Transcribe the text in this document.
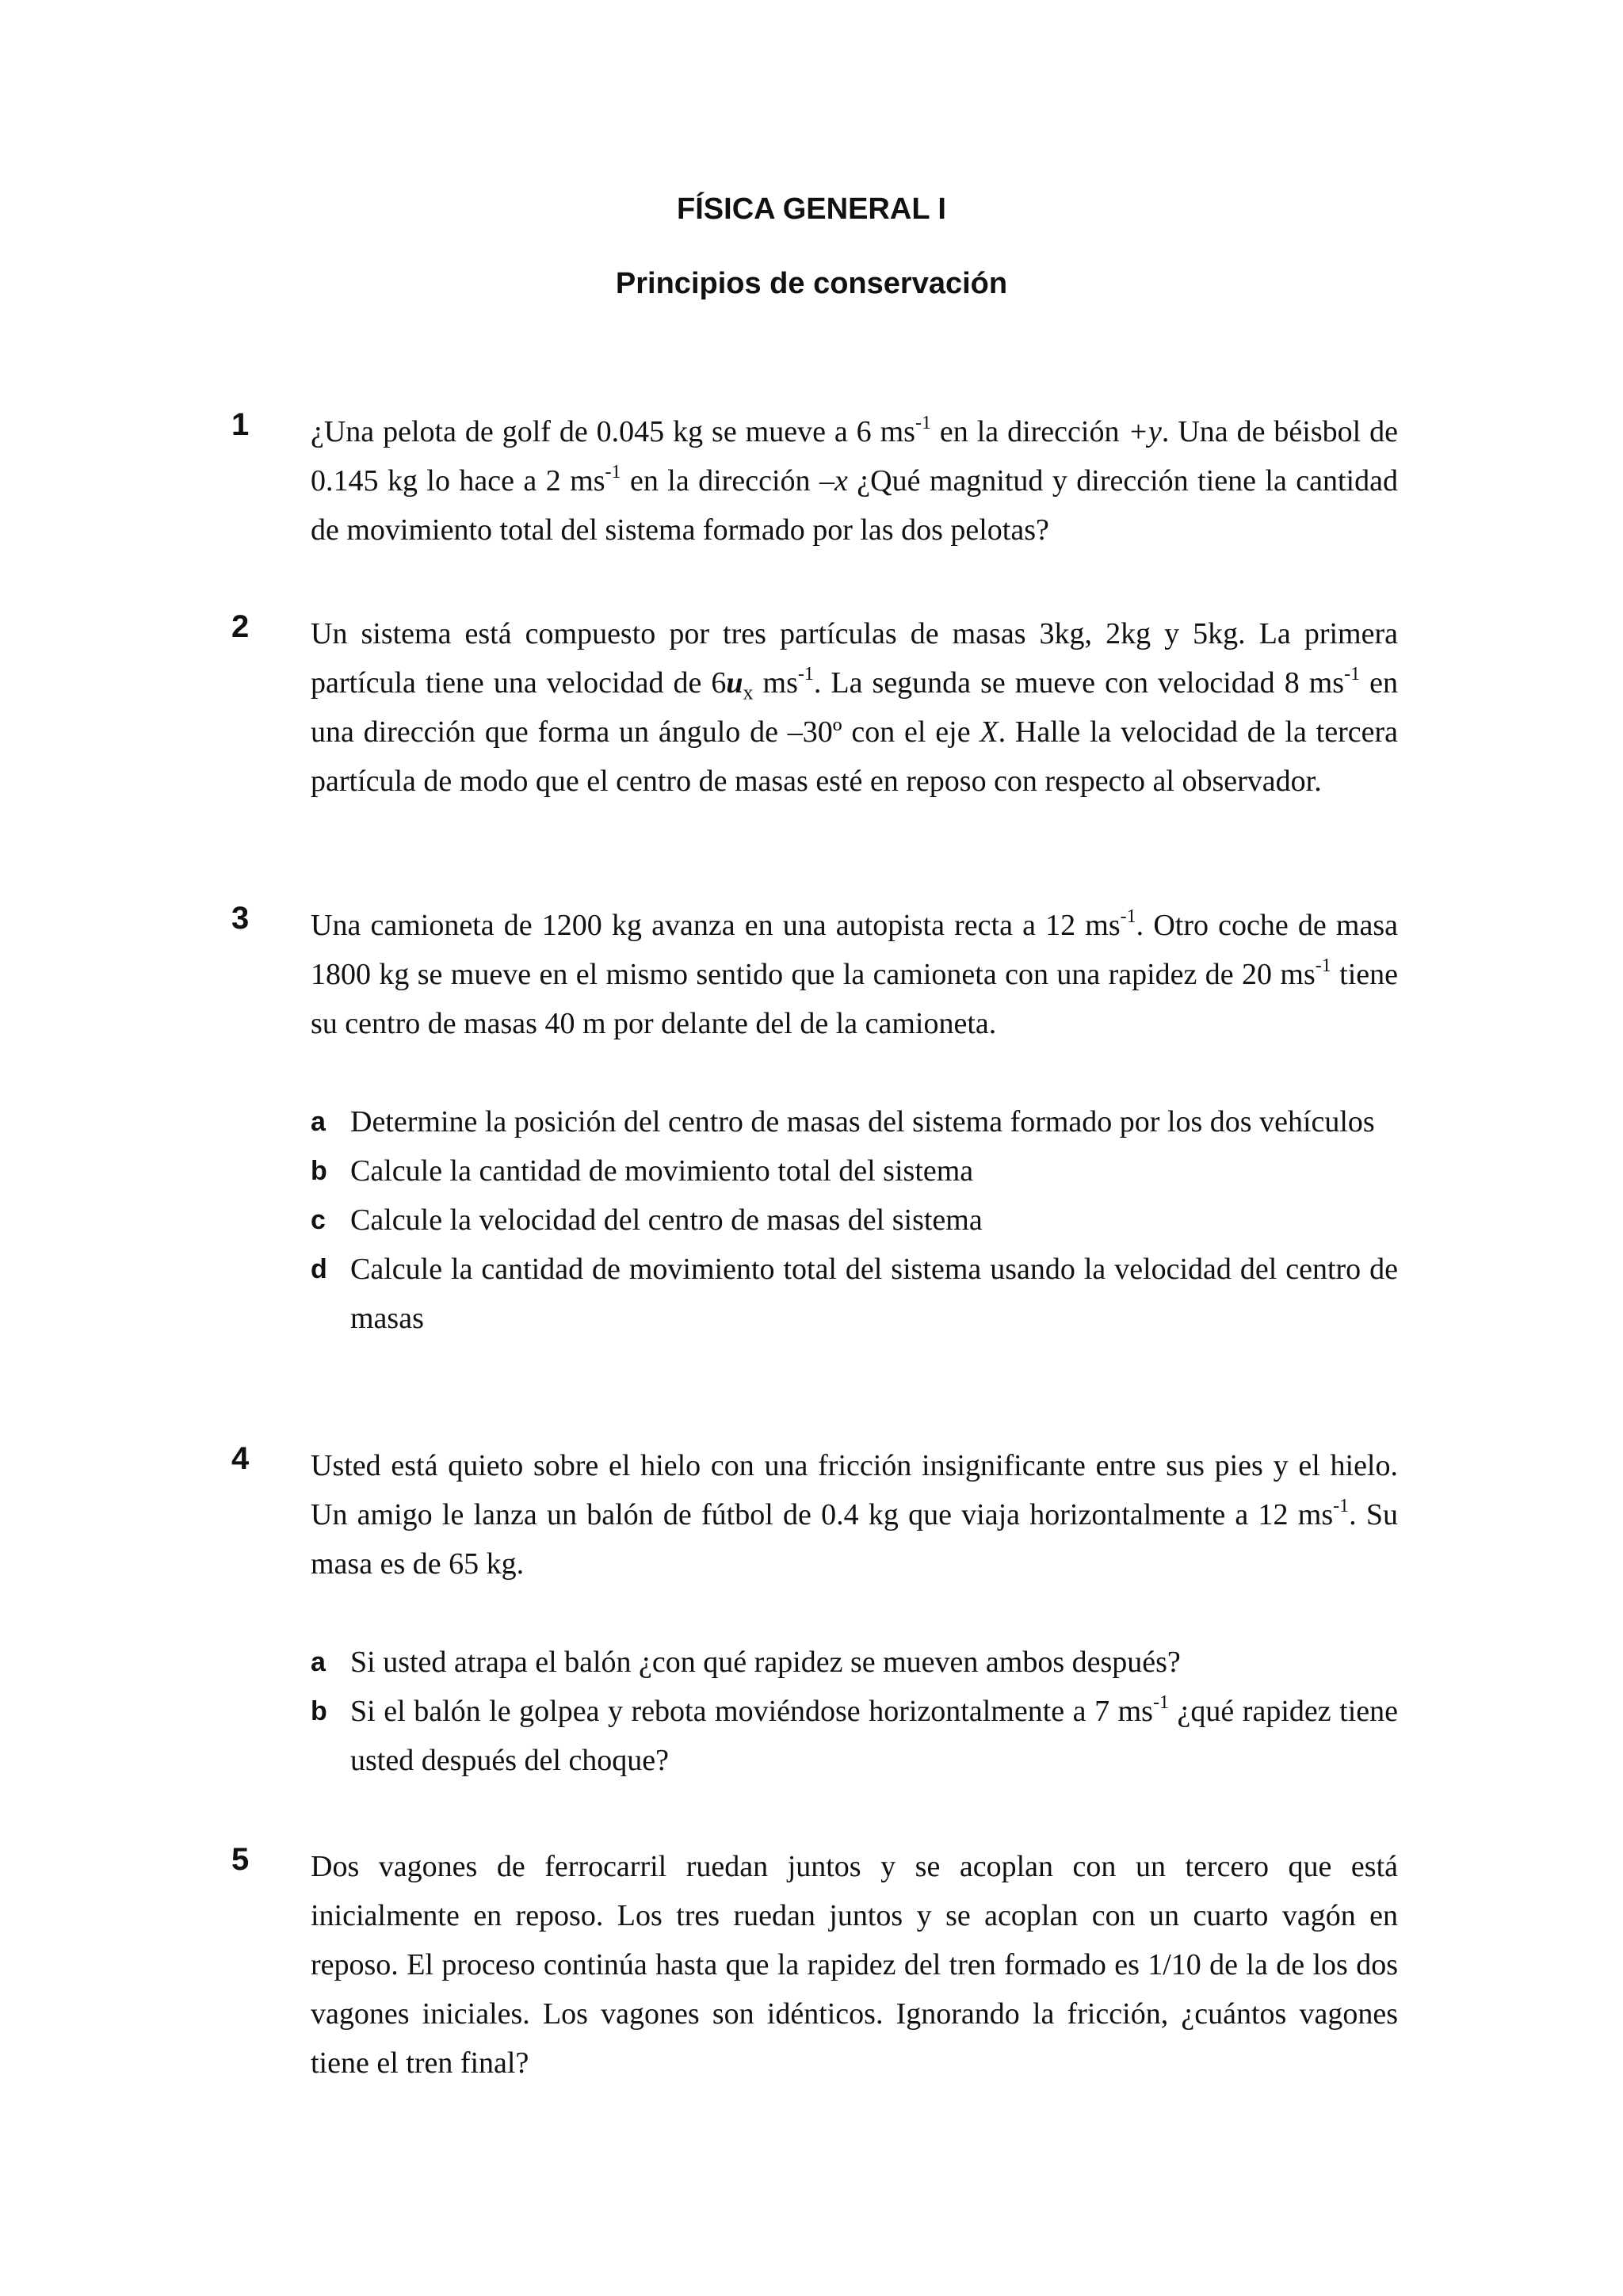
FÍSICA GENERAL I
Principios de conservación
1 ¿Una pelota de golf de 0.045 kg se mueve a 6 $ms^{-1}$ en la dirección +y. Una de béisbol de 0.145 kg lo hace a 2 $ms^{-1}$ en la dirección –x ¿Qué magnitud y dirección tiene la cantidad de movimiento total del sistema formado por las dos pelotas?
2 Un sistema está compuesto por tres partículas de masas 3kg, 2kg y 5kg. La primera partícula tiene una velocidad de $6u_x$ $ms^{-1}$. La segunda se mueve con velocidad 8 $ms^{-1}$ en una dirección que forma un ángulo de –30º con el eje X. Halle la velocidad de la tercera partícula de modo que el centro de masas esté en reposo con respecto al observador.
3 Una camioneta de 1200 kg avanza en una autopista recta a 12 $ms^{-1}$. Otro coche de masa 1800 kg se mueve en el mismo sentido que la camioneta con una rapidez de 20 $ms^{-1}$ tiene su centro de masas 40 m por delante del de la camioneta.
a Determine la posición del centro de masas del sistema formado por los dos vehículos
b Calcule la cantidad de movimiento total del sistema
c Calcule la velocidad del centro de masas del sistema
d Calcule la cantidad de movimiento total del sistema usando la velocidad del centro de masas
4 Usted está quieto sobre el hielo con una fricción insignificante entre sus pies y el hielo. Un amigo le lanza un balón de fútbol de 0.4 kg que viaja horizontalmente a 12 $ms^{-1}$. Su masa es de 65 kg.
a Si usted atrapa el balón ¿con qué rapidez se mueven ambos después?
b Si el balón le golpea y rebota moviéndose horizontalmente a 7 $ms^{-1}$ ¿qué rapidez tiene usted después del choque?
5 Dos vagones de ferrocarril ruedan juntos y se acoplan con un tercero que está inicialmente en reposo. Los tres ruedan juntos y se acoplan con un cuarto vagón en reposo. El proceso continúa hasta que la rapidez del tren formado es 1/10 de la de los dos vagones iniciales. Los vagones son idénticos. Ignorando la fricción, ¿cuántos vagones tiene el tren final?
